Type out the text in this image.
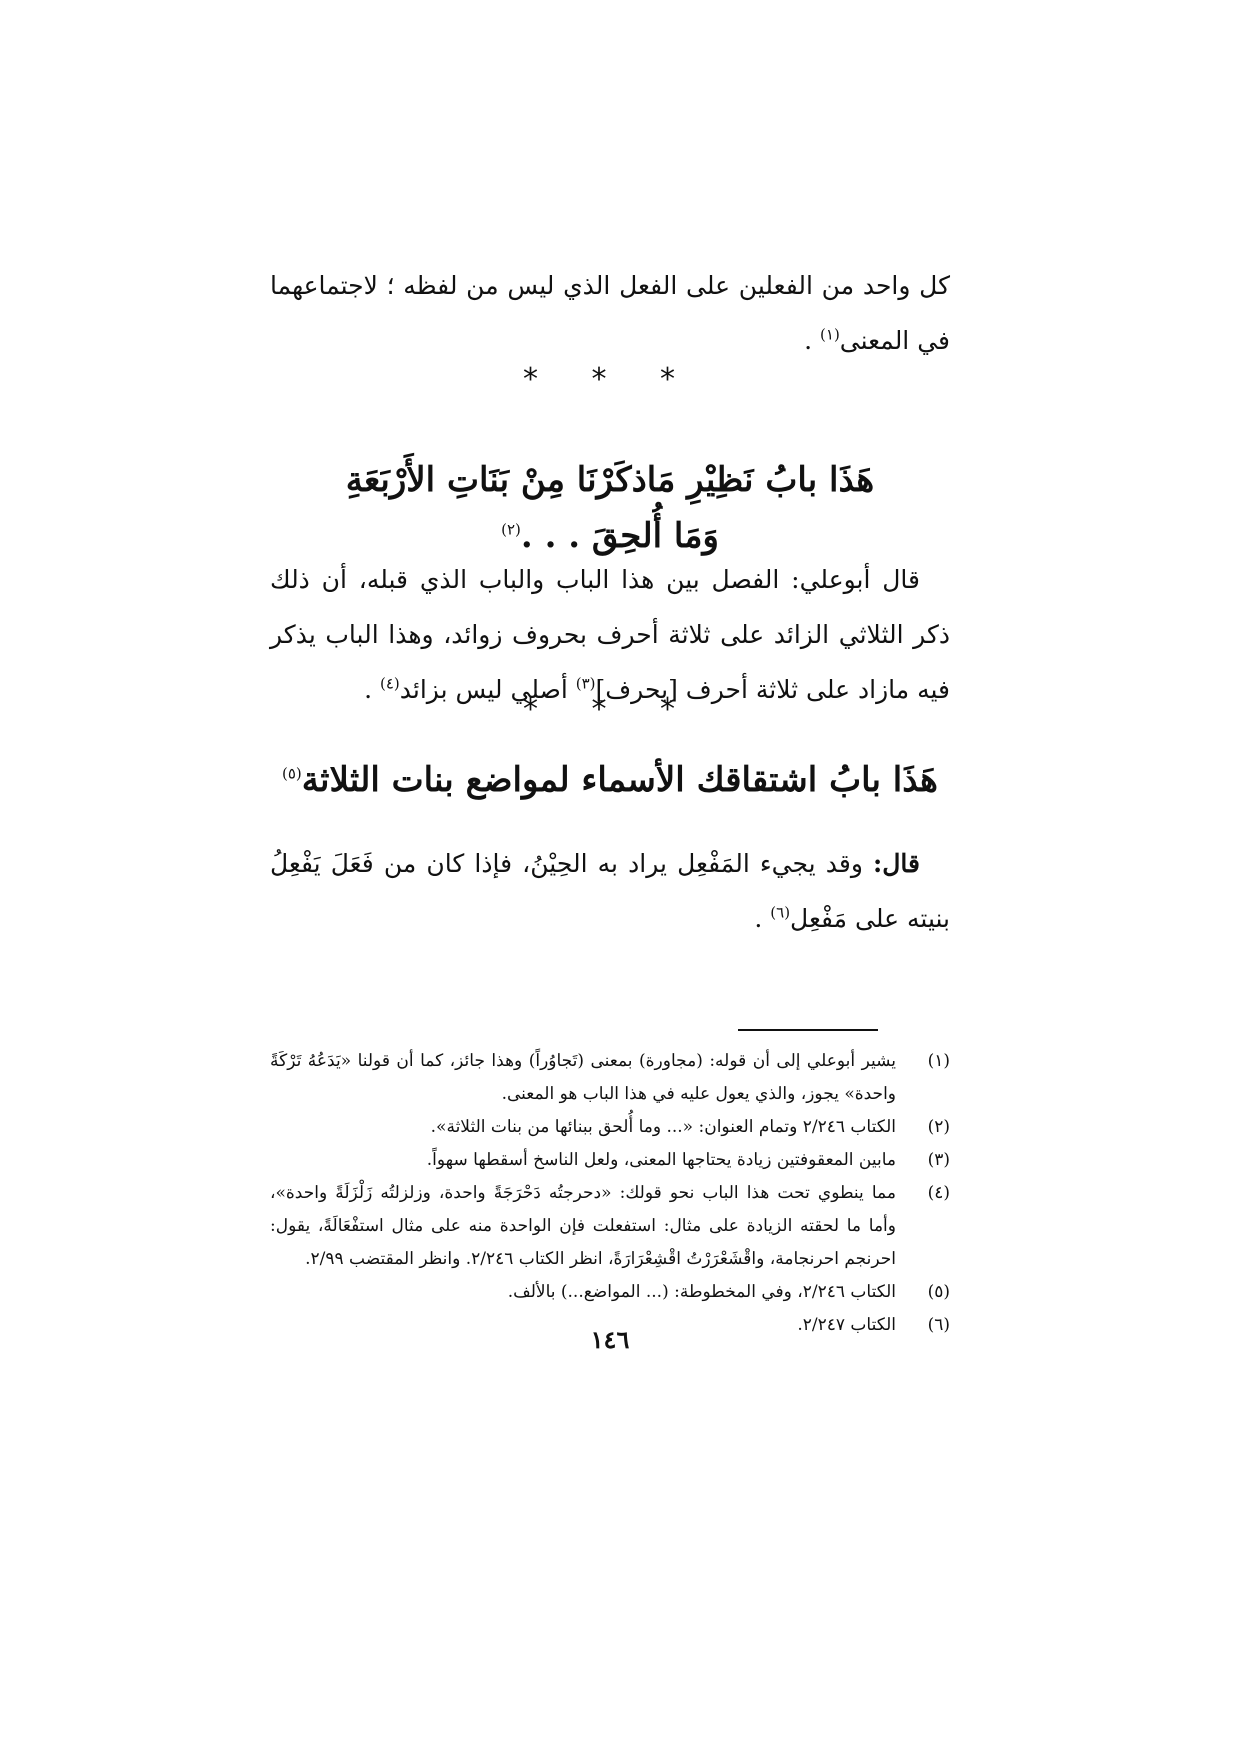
كل واحد من الفعلين على الفعل الذي ليس من لفظه ؛ لاجتماعهما في المعنى$^{(١)}$ .

* * *
هَذَا بابُ نَظِيْرِ مَاذكَرْنَا مِنْ بَنَاتِ الأَرْبَعَةِ
وَمَا أُلحِقَ . . .$^{(٢)}$

قال أبوعلي: الفصل بين هذا الباب والباب الذي قبله، أن ذلك ذكر الثلاثي الزائد على ثلاثة أحرف بحروف زوائد، وهذا الباب يذكر فيه مازاد على ثلاثة أحرف [بحرف]$^{(٣)}$ أصلي ليس بزائد$^{(٤)}$ .

* * *
هَذَا بابُ اشتقاقك الأسماء لمواضع بنات الثلاثة$^{(٥)}$

قال: وقد يجيء المَفْعِل يراد به الحِيْنُ، فإذا كان من فَعَلَ يَفْعِلُ بنيته على مَفْعِل$^{(٦)}$ .

(١)
يشير أبوعلي إلى أن قوله: (مجاورة) بمعنى (تَجاوُراً) وهذا جائز، كما أن قولنا «يَدَعُهُ تَرْكَةً واحدة» يجوز، والذي يعول عليه في هذا الباب هو المعنى.
(٢)
الكتاب ٢/٢٤٦ وتمام العنوان: «... وما أُلحق ببنائها من بنات الثلاثة».
(٣)
مابين المعقوفتين زيادة يحتاجها المعنى، ولعل الناسخ أسقطها سهواً.
(٤)
مما ينطوي تحت هذا الباب نحو قولك: «دحرجتُه دَحْرَجَةً واحدة، وزلزلتُه زَلْزَلَةً واحدة»، وأما ما لحقته الزيادة على مثال: استفعلت فإن الواحدة منه على مثال استفْعَالَةً، يقول: احرنجم احرنجامة، واقْشَعْرَرْتُ اقْشِعْرَارَةً، انظر الكتاب ٢/٢٤٦. وانظر المقتضب ٢/٩٩.
(٥)
الكتاب ٢/٢٤٦، وفي المخطوطة: (... المواضع...) بالألف.
(٦)
الكتاب ٢/٢٤٧.
١٤٦
